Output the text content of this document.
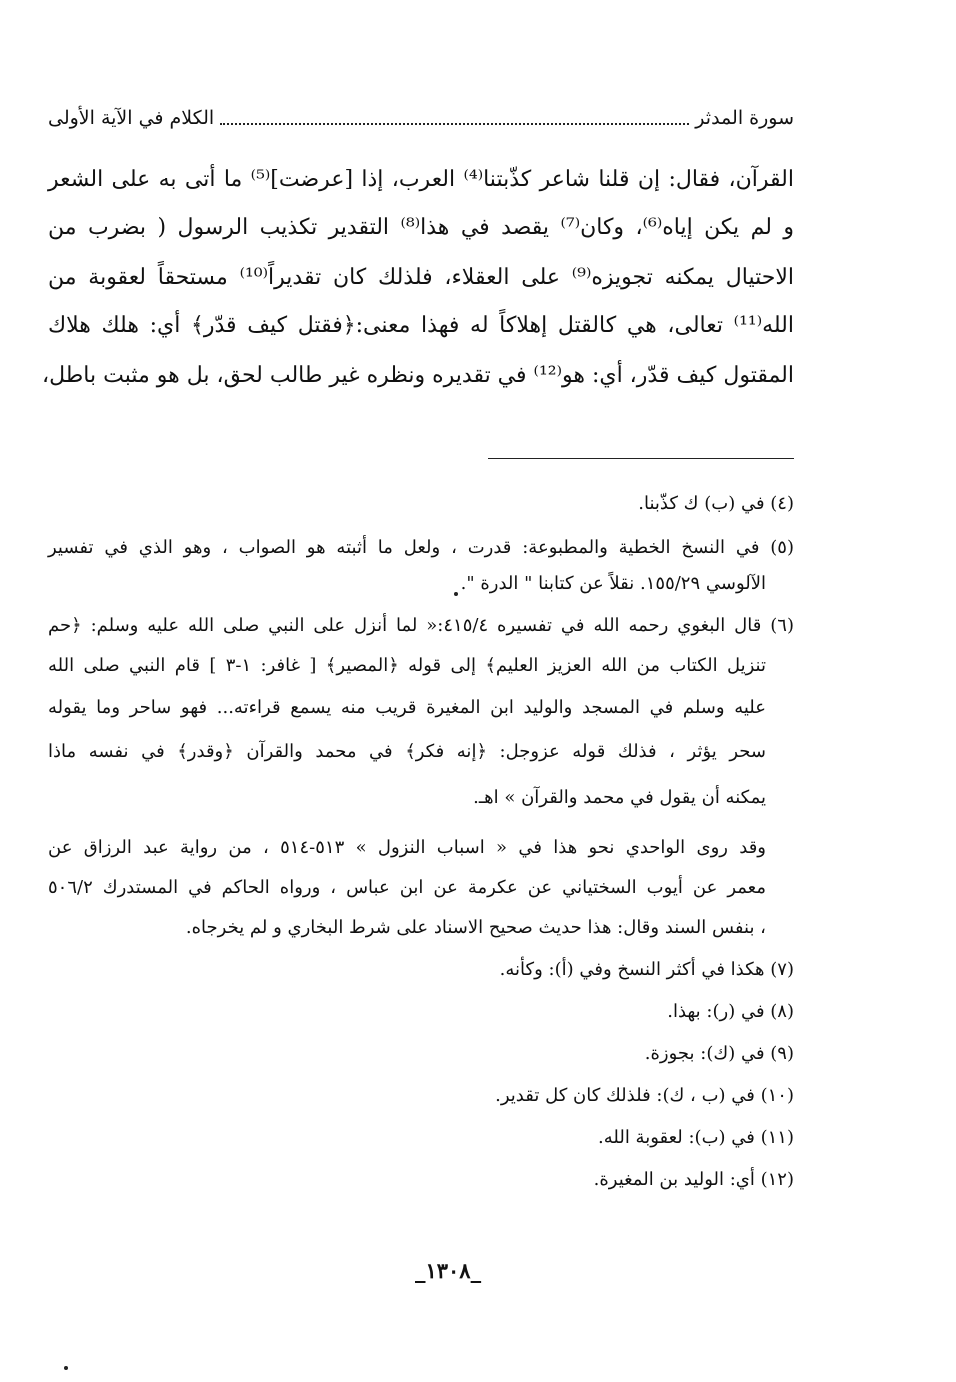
سورة المدثر
الكلام في الآية الأولى
القرآن، فقال: إن قلنا شاعر كذّبتنا⁽⁴⁾ العرب، إذا [عرضت]⁽⁵⁾ ما أتى به على الشعر
و لم يكن إياه⁽⁶⁾، وكان⁽⁷⁾ يقصد في هذا⁽⁸⁾ التقدير تكذيب الرسول ( بضرب من
الاحتيال يمكنه تجويزه⁽⁹⁾ على العقلاء، فلذلك كان تقديراً⁽¹⁰⁾ مستحقاً لعقوبة من
الله⁽¹¹⁾ تعالى، هي كالقتل إهلاكاً له فهذا معنى:﴿فقتل كيف قدّر﴾ أي: هلك هلاك
المقتول كيف قدّر، أي: هو⁽¹²⁾ في تقديره ونظره غير طالب لحق، بل هو مثبت باطل،
(٤) في (ب) ك كذّبنا.
(٥) في النسخ الخطية والمطبوعة: قدرت ، ولعل ما أثبته هو الصواب ، وهو الذي في تفسير
الآلوسي ١٥٥/٢٩. نقلاً عن كتابنا " الدرة ".
(٦) قال البغوي رحمه الله في تفسيره ٤١٥/٤:« لما أنزل على النبي صلى الله عليه وسلم: ﴿حم
تنزيل الكتاب من الله العزيز العليم﴾ إلى قوله ﴿المصير﴾ [ غافر: ١-٣ ] قام النبي صلى الله
عليه وسلم في المسجد والوليد ابن المغيرة قريب منه يسمع قراءته... فهو ساحر وما يقوله
سحر يؤثر ، فذلك قوله عزوجل: ﴿إنه فكر﴾ في محمد والقرآن ﴿وقدر﴾ في نفسه ماذا
يمكنه أن يقول في محمد والقرآن » اهـ.
وقد روى الواحدي نحو هذا في « اسباب النزول » ٥١٣-٥١٤ ، من رواية عبد الرزاق عن
معمر عن أيوب السختياني عن عكرمة عن ابن عباس ، ورواه الحاكم في المستدرك ٥٠٦/٢
، بنفس السند وقال: هذا حديث صحيح الاسناد على شرط البخاري و لم يخرجاه.
(٧) هكذا في أكثر النسخ وفي (أ): وكأنه.
(٨) في (ر): بهذا.
(٩) في (ك): بجوزة.
(١٠) في (ب ، ك): فلذلك كان كل تقدير.
(١١) في (ب): لعقوبة الله.
(١٢) أي: الوليد بن المغيرة.
_١٣٠٨_
